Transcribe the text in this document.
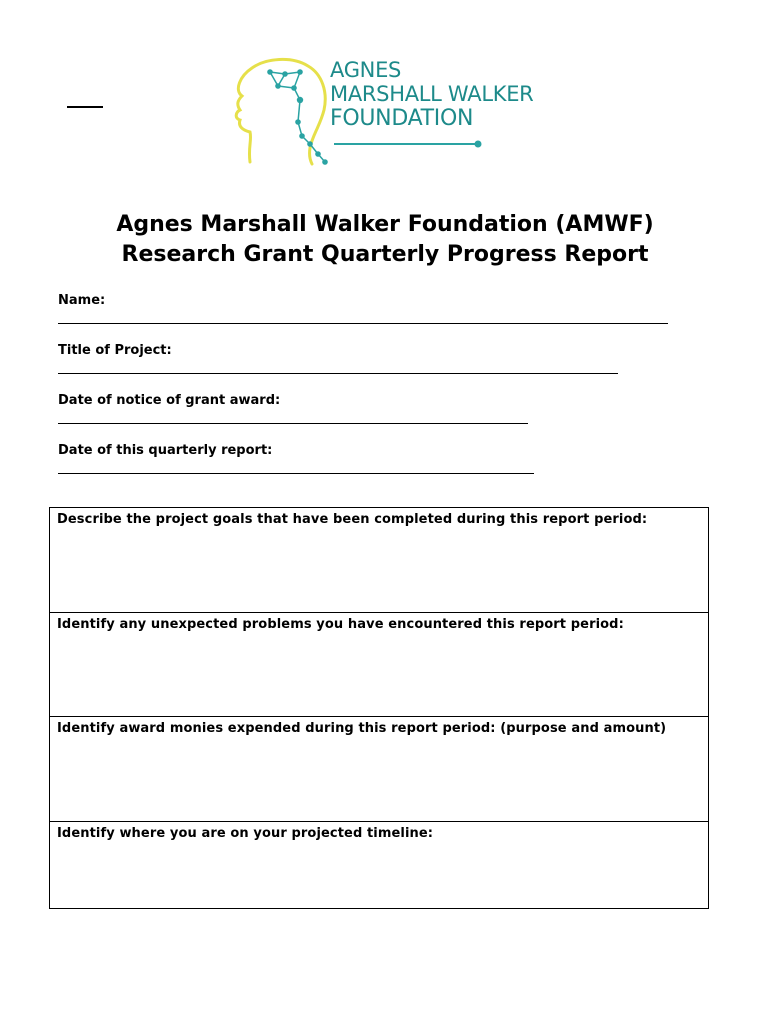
AGNES
MARSHALL WALKER
FOUNDATION
Agnes Marshall Walker Foundation (AMWF)
Research Grant Quarterly Progress Report
Name:
Title of Project:
Date of notice of grant award:
Date of this quarterly report:
Describe the project goals that have been completed during this report period:
Identify any unexpected problems you have encountered this report period:
Identify award monies expended during this report period: (purpose and amount)
Identify where you are on your projected timeline:
